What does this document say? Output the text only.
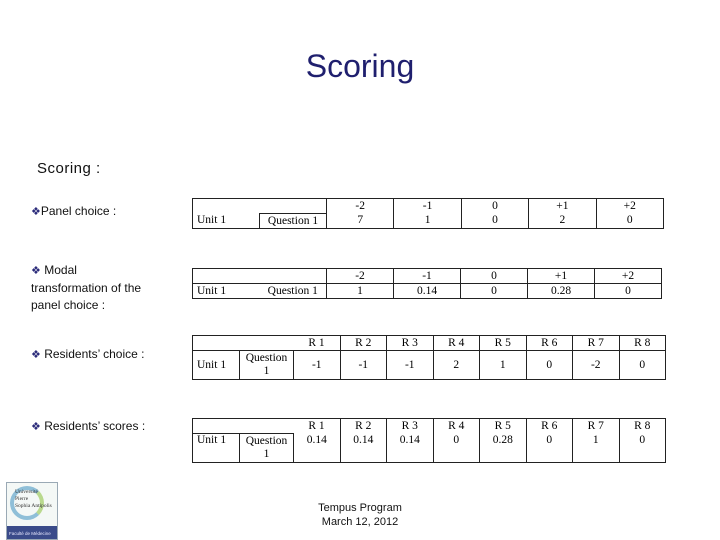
Scoring
Scoring :
❖Panel choice :
❖ Modal
transformation of the
panel choice :
❖ Residents’ choice :
❖ Residents’ scores :
		-2	-1	0	+1	+2
Unit 1	Question 1	7	1	0	2	0
		-2	-1	0	+1	+2
Unit 1	Question 1	1	0.14	0	0.28	0
		R 1	R 2	R 3	R 4	R 5	R 6	R 7	R 8
Unit 1	Question
1	-1	-1	-1	2	1	0	-2	0
		R 1	R 2	R 3	R 4	R 5	R 6	R 7	R 8
Unit 1	Question
1	0.14	0.14	0.14	0	0.28	0	1	0
Université
Pierre
Sophia Antipolis
Faculté de Médecine
Tempus Program
March 12, 2012
